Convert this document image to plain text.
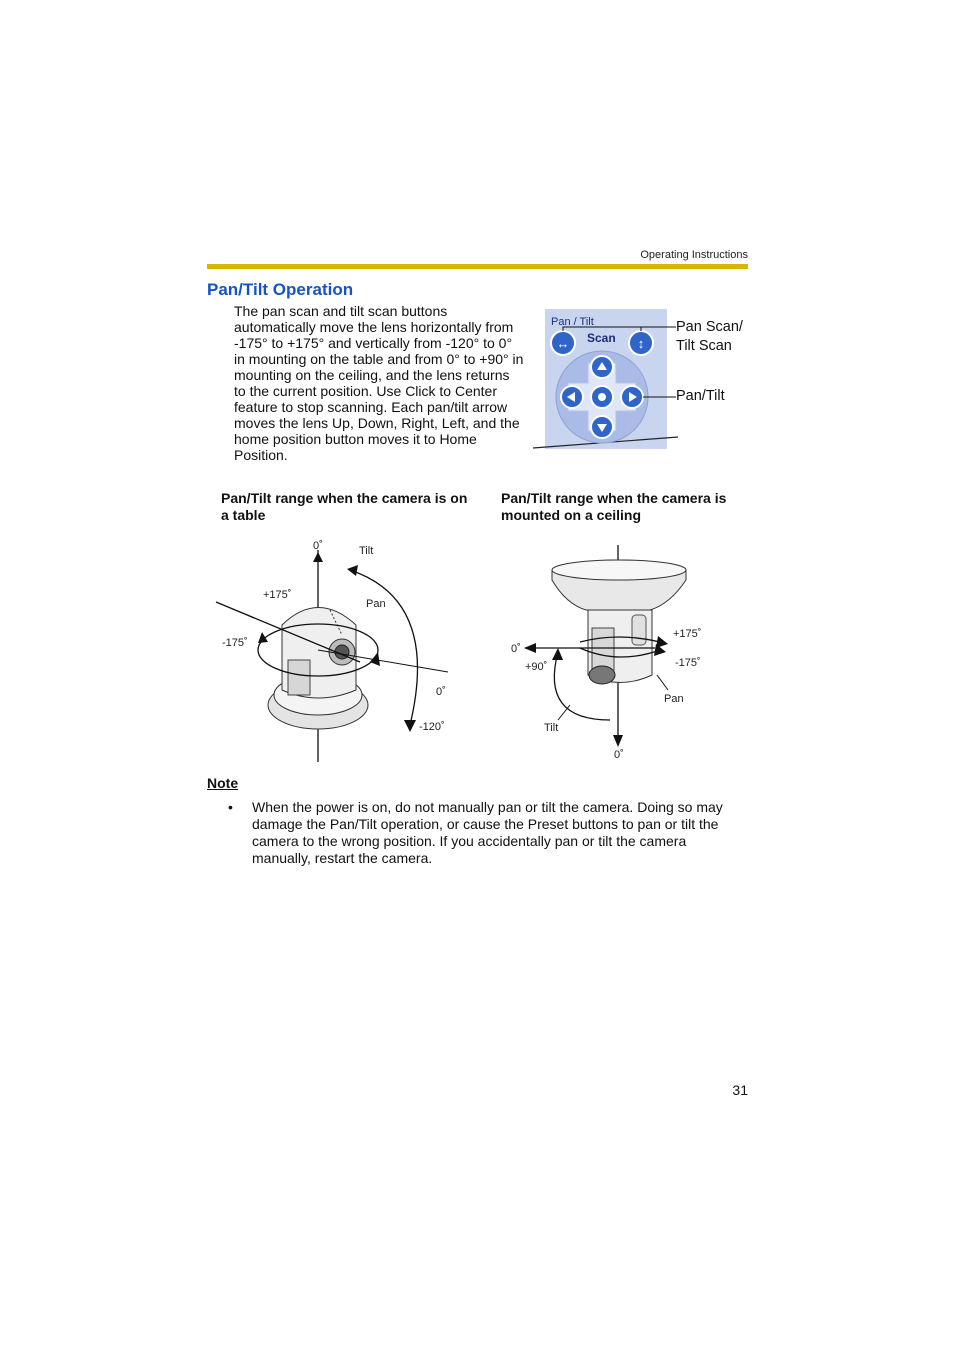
Operating Instructions
Pan/Tilt Operation
The pan scan and tilt scan buttons automatically move the lens horizontally from -175° to +175° and vertically from -120° to 0° in mounting on the table and from 0° to +90° in mounting on the ceiling, and the lens returns to the current position. Use Click to Center feature to stop scanning. Each pan/tilt arrow moves the lens Up, Down, Right, Left, and the home position button moves it to Home Position.
Pan / Tilt
Scan
↔	↕
Pan Scan/
Tilt Scan
Pan/Tilt
Pan/Tilt range when the camera is on a table
Pan/Tilt range when the camera is mounted on a ceiling
0˚	Tilt
+175˚
Pan
-175˚
0˚
-120˚
0˚
+175˚
+90˚	-175˚
Pan
Tilt
0˚
Note
• When the power is on, do not manually pan or tilt the camera. Doing so may damage the Pan/Tilt operation, or cause the Preset buttons to pan or tilt the camera to the wrong position. If you accidentally pan or tilt the camera manually, restart the camera.
31
